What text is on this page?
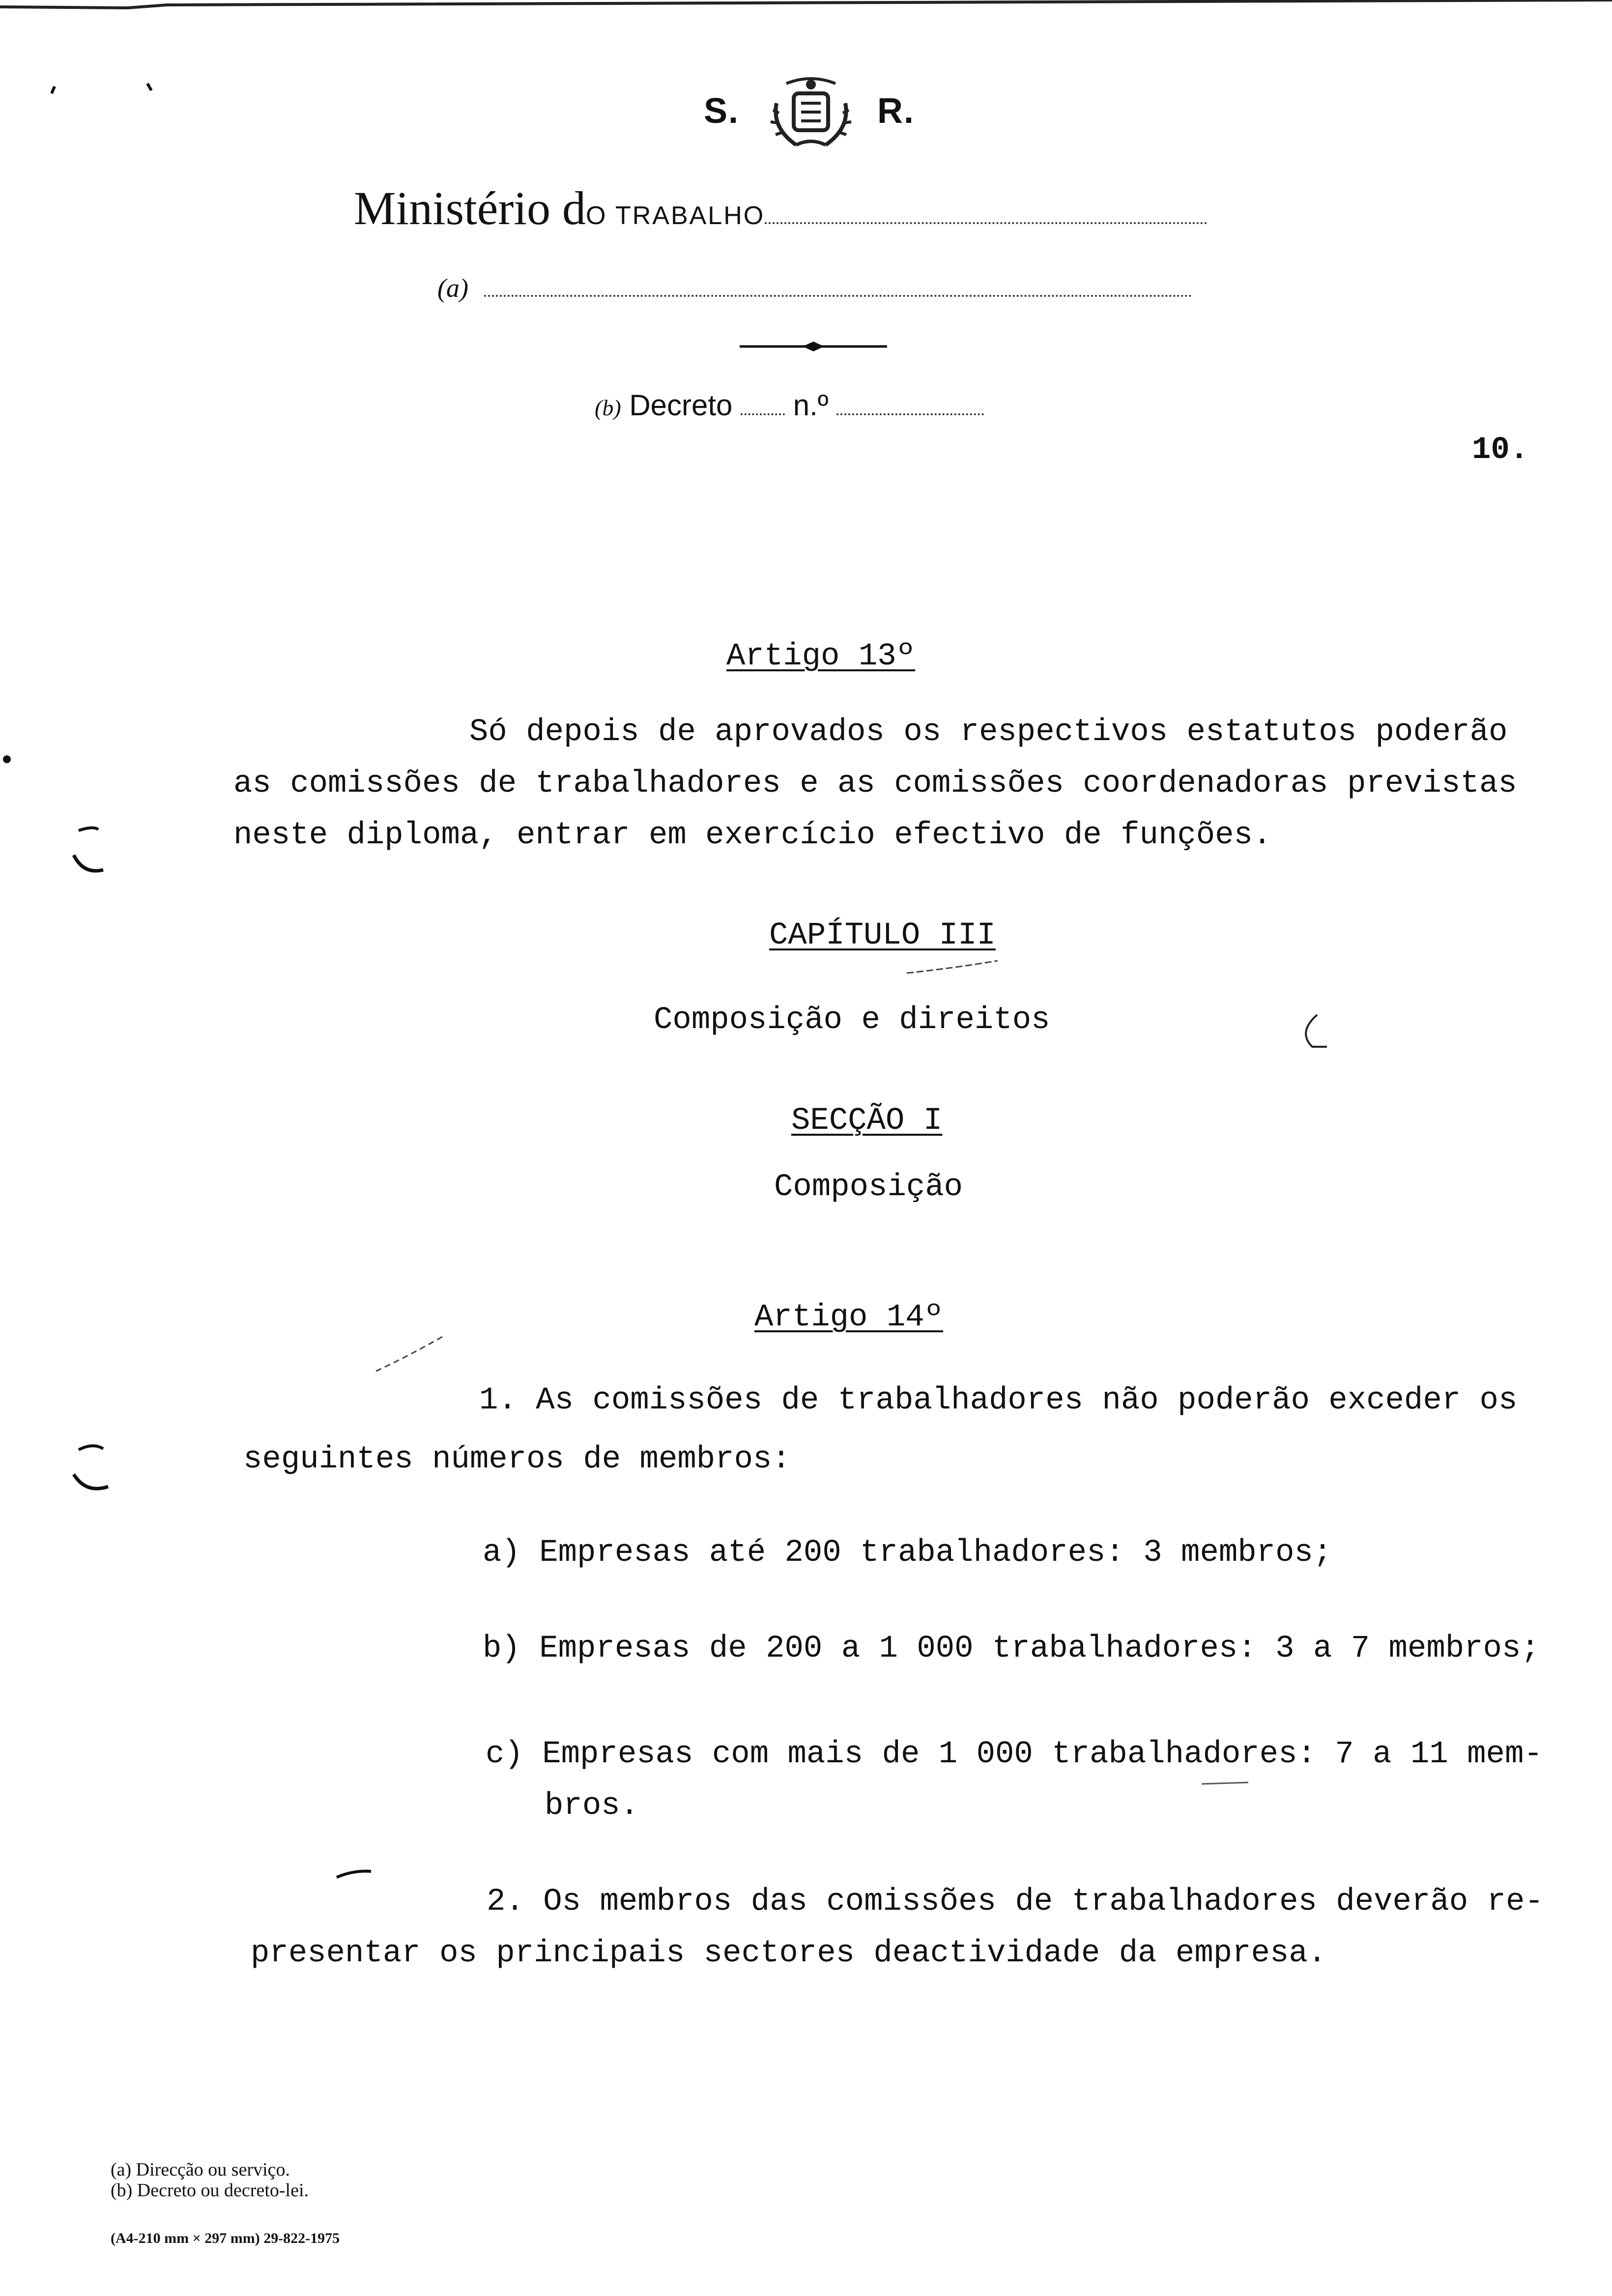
S.	R.
Ministério dO TRABALHO
(a)
(b) Decreto n.º
10.
Artigo 13º
Só depois de aprovados os respectivos estatutos poderão
as comissões de trabalhadores e as comissões coordenadoras previstas
neste diploma, entrar em exercício efectivo de funções.
CAPÍTULO III
Composição e direitos
SECÇÃO I
Composição
Artigo 14º
1. As comissões de trabalhadores não poderão exceder os
seguintes números de membros:
a) Empresas até 200 trabalhadores: 3 membros;
b) Empresas de 200 a 1 000 trabalhadores: 3 a 7 membros;
c) Empresas com mais de 1 000 trabalhadores: 7 a 11 mem-
bros.
2. Os membros das comissões de trabalhadores deverão re-
presentar os principais sectores deactividade da empresa.
(a) Direcção ou serviço.
(b) Decreto ou decreto-lei.
(A4-210 mm × 297 mm) 29-822-1975
